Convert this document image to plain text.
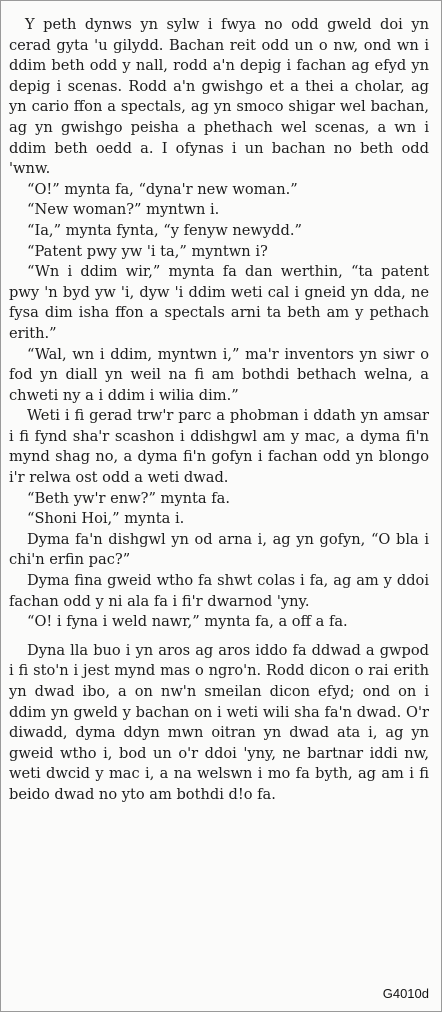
Y peth dynws yn sylw i fwya no odd gweld doi yn cerad gyta 'u gilydd. Bachan reit odd un o nw, ond wn i ddim beth odd y nall, rodd a'n depig i fachan ag efyd yn depig i scenas. Rodd a'n gwishgo et a thei a cholar, ag yn cario ffon a spectals, ag yn smoco shigar wel bachan, ag yn gwishgo peisha a phethach wel scenas, a wn i ddim beth oedd a. I ofynas i un bachan no beth odd 'wnw.

“O!” mynta fa, “dyna'r new woman.”

“New woman?” myntwn i.

“Ia,” mynta fynta, “y fenyw newydd.”

“Patent pwy yw 'i ta,” myntwn i?

“Wn i ddim wir,” mynta fa dan werthin, “ta patent pwy 'n byd yw 'i, dyw 'i ddim weti cal i gneid yn dda, ne fysa dim isha ffon a spectals arni ta beth am y pethach erith.”

“Wal, wn i ddim, myntwn i,” ma'r inventors yn siwr o fod yn diall yn weil na fi am bothdi bethach welna, a chweti ny a i ddim i wilia dim.”

Weti i fi gerad trw'r parc a phobman i ddath yn amsar i fi fynd sha'r scashon i ddishgwl am y mac, a dyma fi'n mynd shag no, a dyma fi'n gofyn i fachan odd yn blongo i'r relwa ost odd a weti dwad.

“Beth yw'r enw?” mynta fa.

“Shoni Hoi,” mynta i.

Dyma fa'n dishgwl yn od arna i, ag yn gofyn, “O bla i chi'n erfin pac?”

Dyma fina gweid wtho fa shwt colas i fa, ag am y ddoi fachan odd y ni ala fa i fi'r dwarnod 'yny.

“O! i fyna i weld nawr,” mynta fa, a off a fa.

Dyna lla buo i yn aros ag aros iddo fa ddwad a gwpod i fi sto'n i jest mynd mas o ngro'n. Rodd dicon o rai erith yn dwad ibo, a on nw'n smeilan dicon efyd; ond on i ddim yn gweld y bachan on i weti wili sha fa'n dwad. O'r diwadd, dyma ddyn mwn oitran yn dwad ata i, ag yn gweid wtho i, bod un o'r ddoi 'yny, ne bartnar iddi nw, weti dwcid y mac i, a na welswn i mo fa byth, ag am i fi beido dwad no yto am bothdi d!o fa.

G4010d
